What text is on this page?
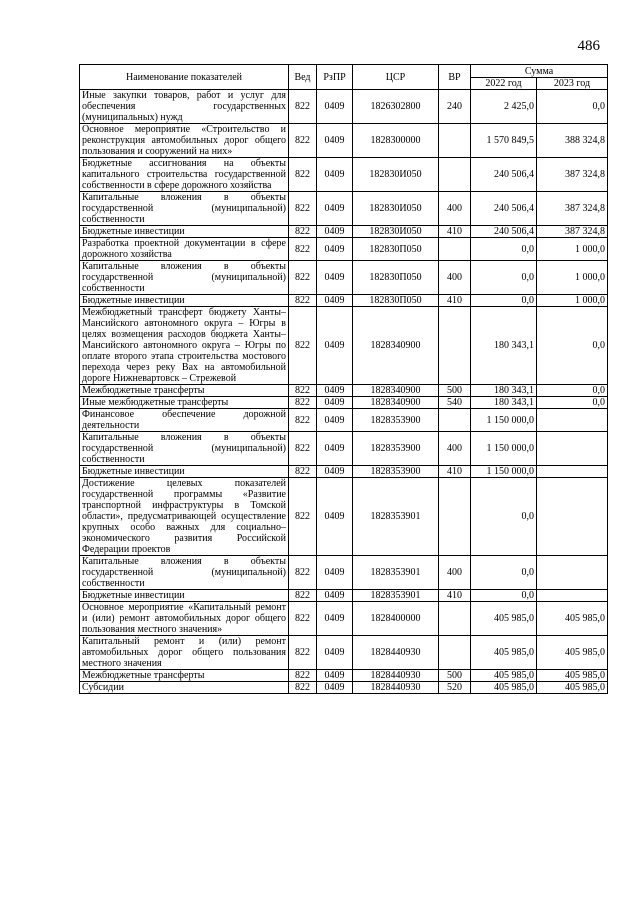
486
Наименование показателей	Вед	РзПР	ЦСР	ВР	Сумма	
					2022 год	2023 год
Иные закупки товаров, работ и услуг для обеспечения государственных (муниципальных) нужд	822	0409	1826302800	240	2 425,0	0,0
Основное мероприятие «Строительство и реконструкция автомобильных дорог общего пользования и сооружений на них»	822	0409	1828300000		1 570 849,5	388 324,8
Бюджетные ассигнования на объекты капитального строительства государственной собственности в сфере дорожного хозяйства	822	0409	182830И050		240 506,4	387 324,8
Капитальные вложения в объекты государственной (муниципальной) собственности	822	0409	182830И050	400	240 506,4	387 324,8
Бюджетные инвестиции	822	0409	182830И050	410	240 506,4	387 324,8
Разработка проектной документации в сфере дорожного хозяйства	822	0409	182830П050		0,0	1 000,0
Капитальные вложения в объекты государственной (муниципальной) собственности	822	0409	182830П050	400	0,0	1 000,0
Бюджетные инвестиции	822	0409	182830П050	410	0,0	1 000,0
Межбюджетный трансферт бюджету Ханты–Мансийского автономного округа – Югры в целях возмещения расходов бюджета Ханты–Мансийского автономного округа – Югры по оплате второго этапа строительства мостового перехода через реку Вах на автомобильной дороге Нижневартовск – Стрежевой	822	0409	1828340900		180 343,1	0,0
Межбюджетные трансферты	822	0409	1828340900	500	180 343,1	0,0
Иные межбюджетные трансферты	822	0409	1828340900	540	180 343,1	0,0
Финансовое обеспечение дорожной деятельности	822	0409	1828353900		1 150 000,0	
Капитальные вложения в объекты государственной (муниципальной) собственности	822	0409	1828353900	400	1 150 000,0	
Бюджетные инвестиции	822	0409	1828353900	410	1 150 000,0	
Достижение целевых показателей государственной программы «Развитие транспортной инфраструктуры в Томской области», предусматривающей осуществление крупных особо важных для социально–экономического развития Российской Федерации проектов	822	0409	1828353901		0,0	
Капитальные вложения в объекты государственной (муниципальной) собственности	822	0409	1828353901	400	0,0	
Бюджетные инвестиции	822	0409	1828353901	410	0,0	
Основное мероприятие «Капитальный ремонт и (или) ремонт автомобильных дорог общего пользования местного значения»	822	0409	1828400000		405 985,0	405 985,0
Капитальный ремонт и (или) ремонт автомобильных дорог общего пользования местного значения	822	0409	1828440930		405 985,0	405 985,0
Межбюджетные трансферты	822	0409	1828440930	500	405 985,0	405 985,0
Субсидии	822	0409	1828440930	520	405 985,0	405 985,0
